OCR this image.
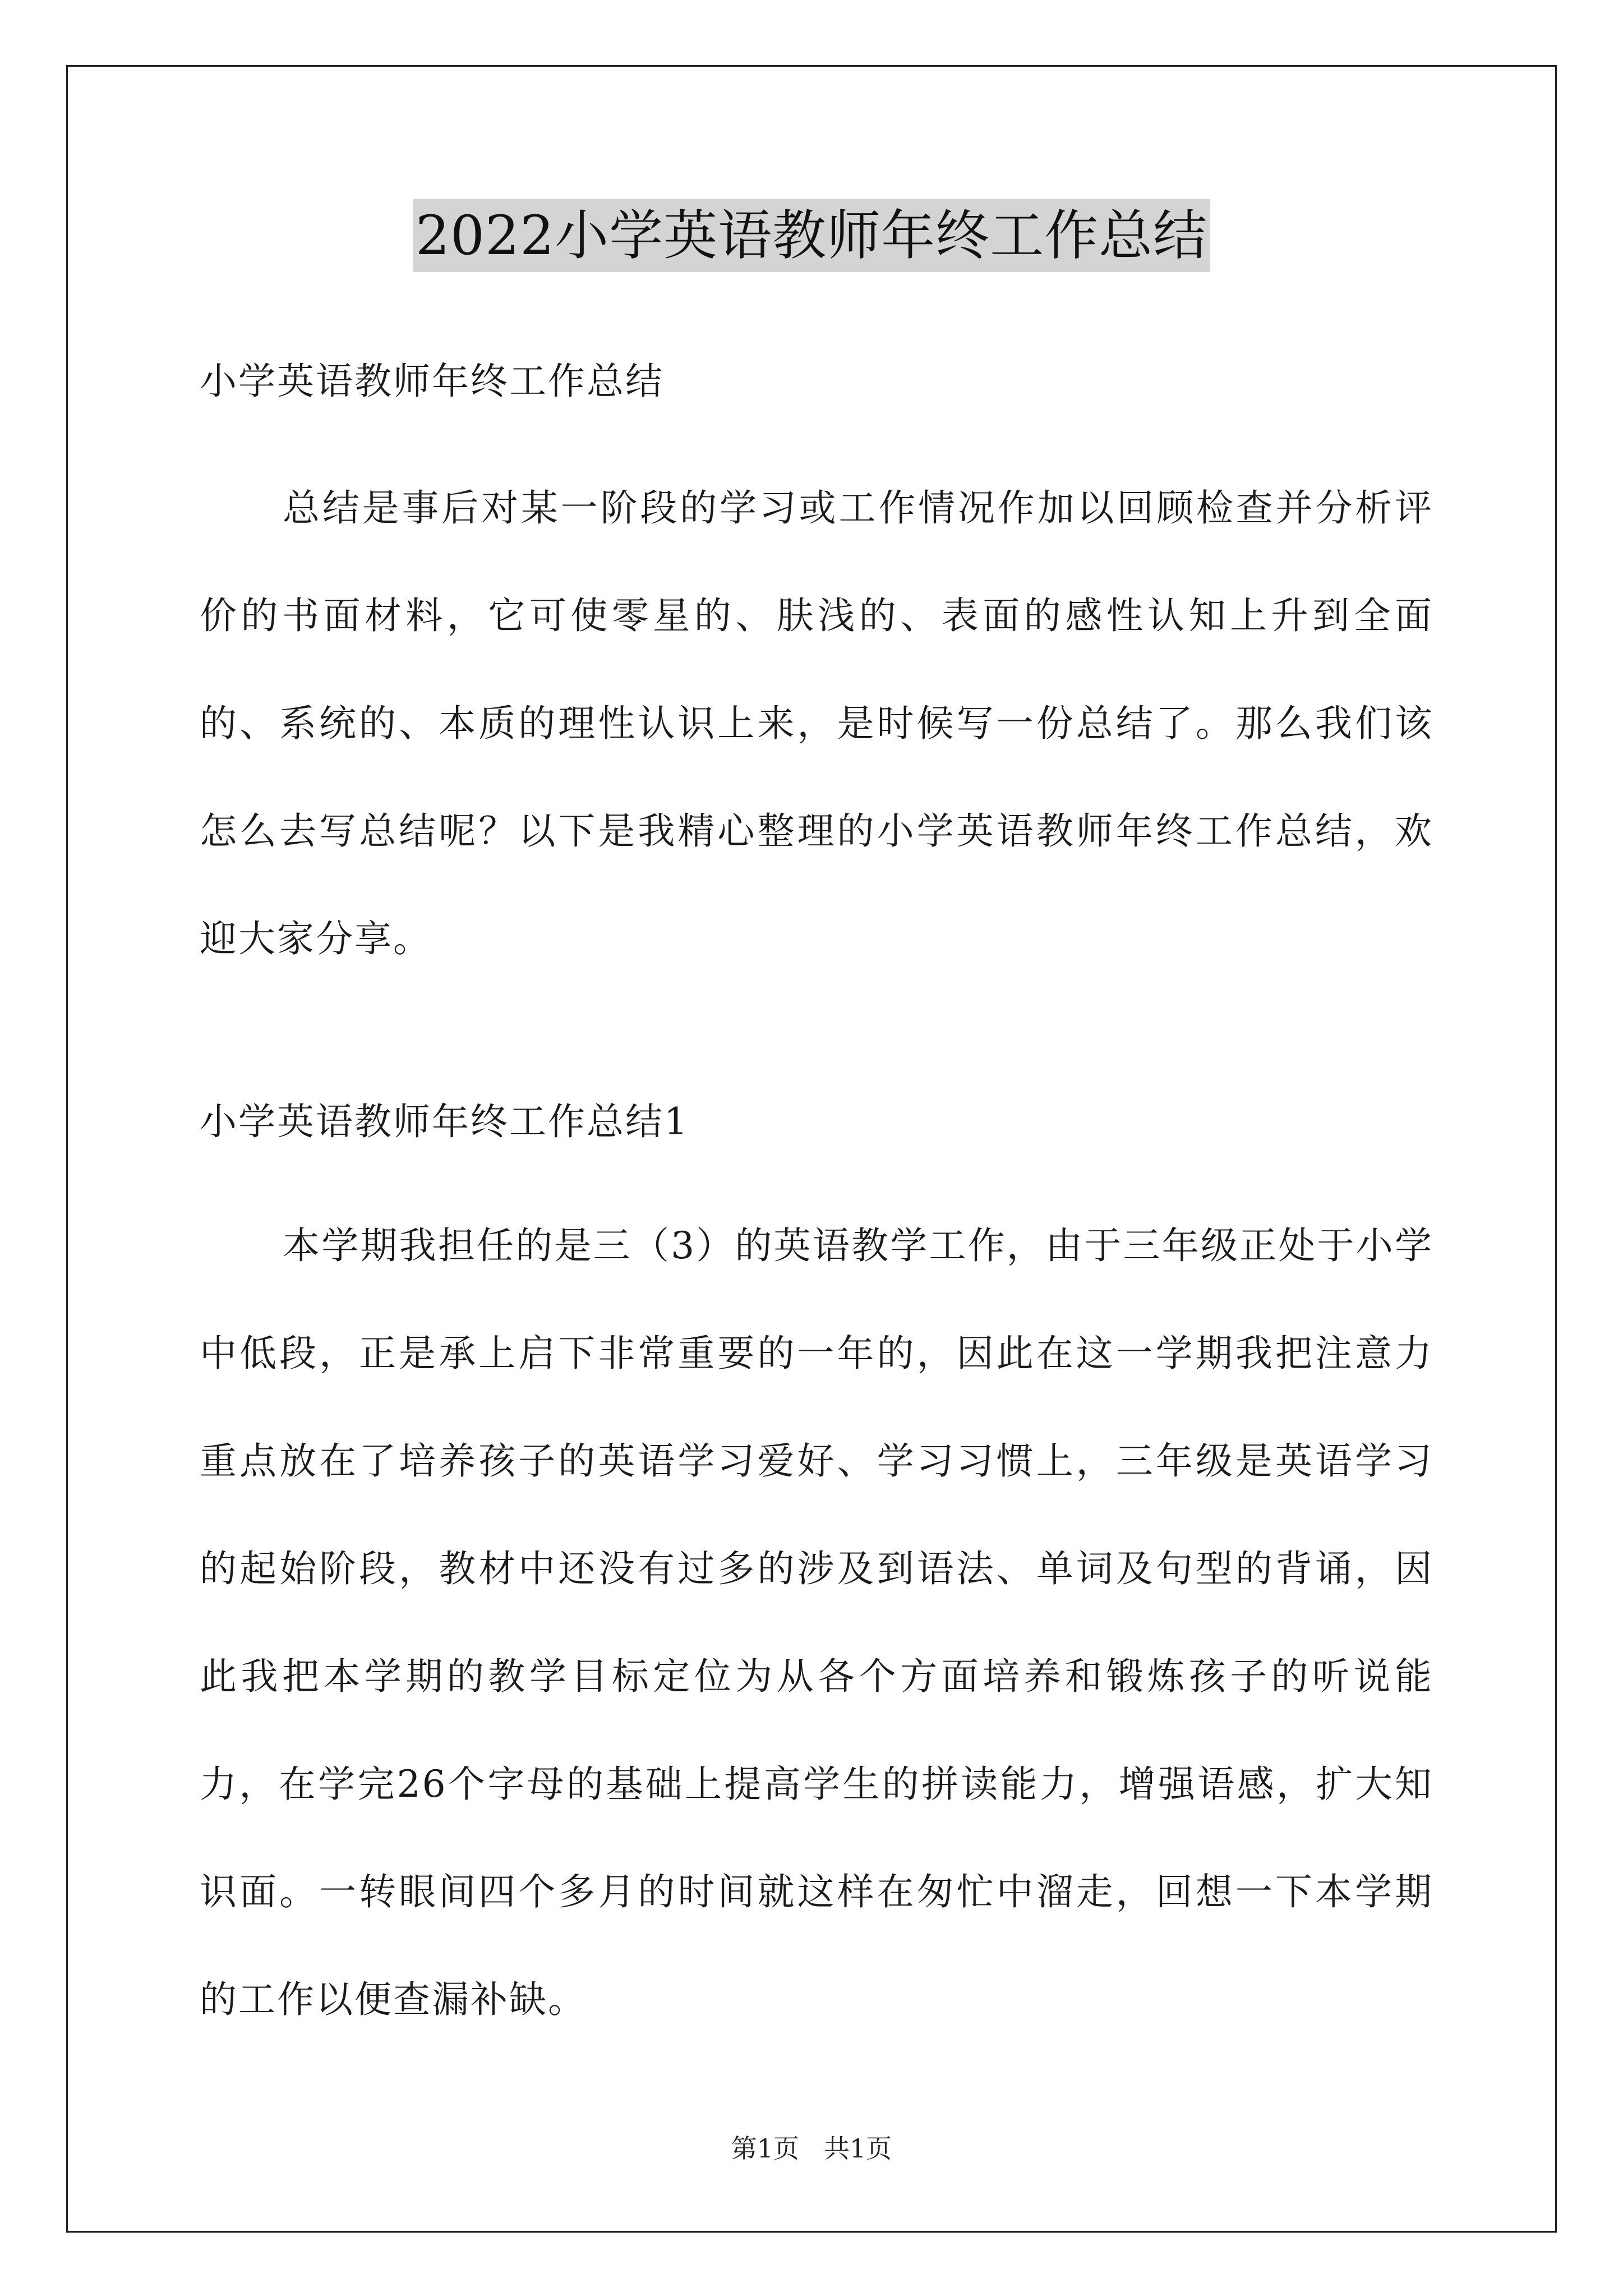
2022小学英语教师年终工作总结
小学英语教师年终工作总结

总结是事后对某一阶段的学习或工作情况作加以回顾检查并分析评价的书面材料，它可使零星的、肤浅的、表面的感性认知上升到全面的、系统的、本质的理性认识上来，是时候写一份总结了。那么我们该怎么去写总结呢？以下是我精心整理的小学英语教师年终工作总结，欢迎大家分享。

小学英语教师年终工作总结1

本学期我担任的是三（3）的英语教学工作，由于三年级正处于小学中低段，正是承上启下非常重要的一年的，因此在这一学期我把注意力重点放在了培养孩子的英语学习爱好、学习习惯上，三年级是英语学习的起始阶段，教材中还没有过多的涉及到语法、单词及句型的背诵，因此我把本学期的教学目标定位为从各个方面培养和锻炼孩子的听说能力，在学完26个字母的基础上提高学生的拼读能力，增强语感，扩大知识面。一转眼间四个多月的时间就这样在匆忙中溜走，回想一下本学期的工作以便查漏补缺。

第1页 共1页
